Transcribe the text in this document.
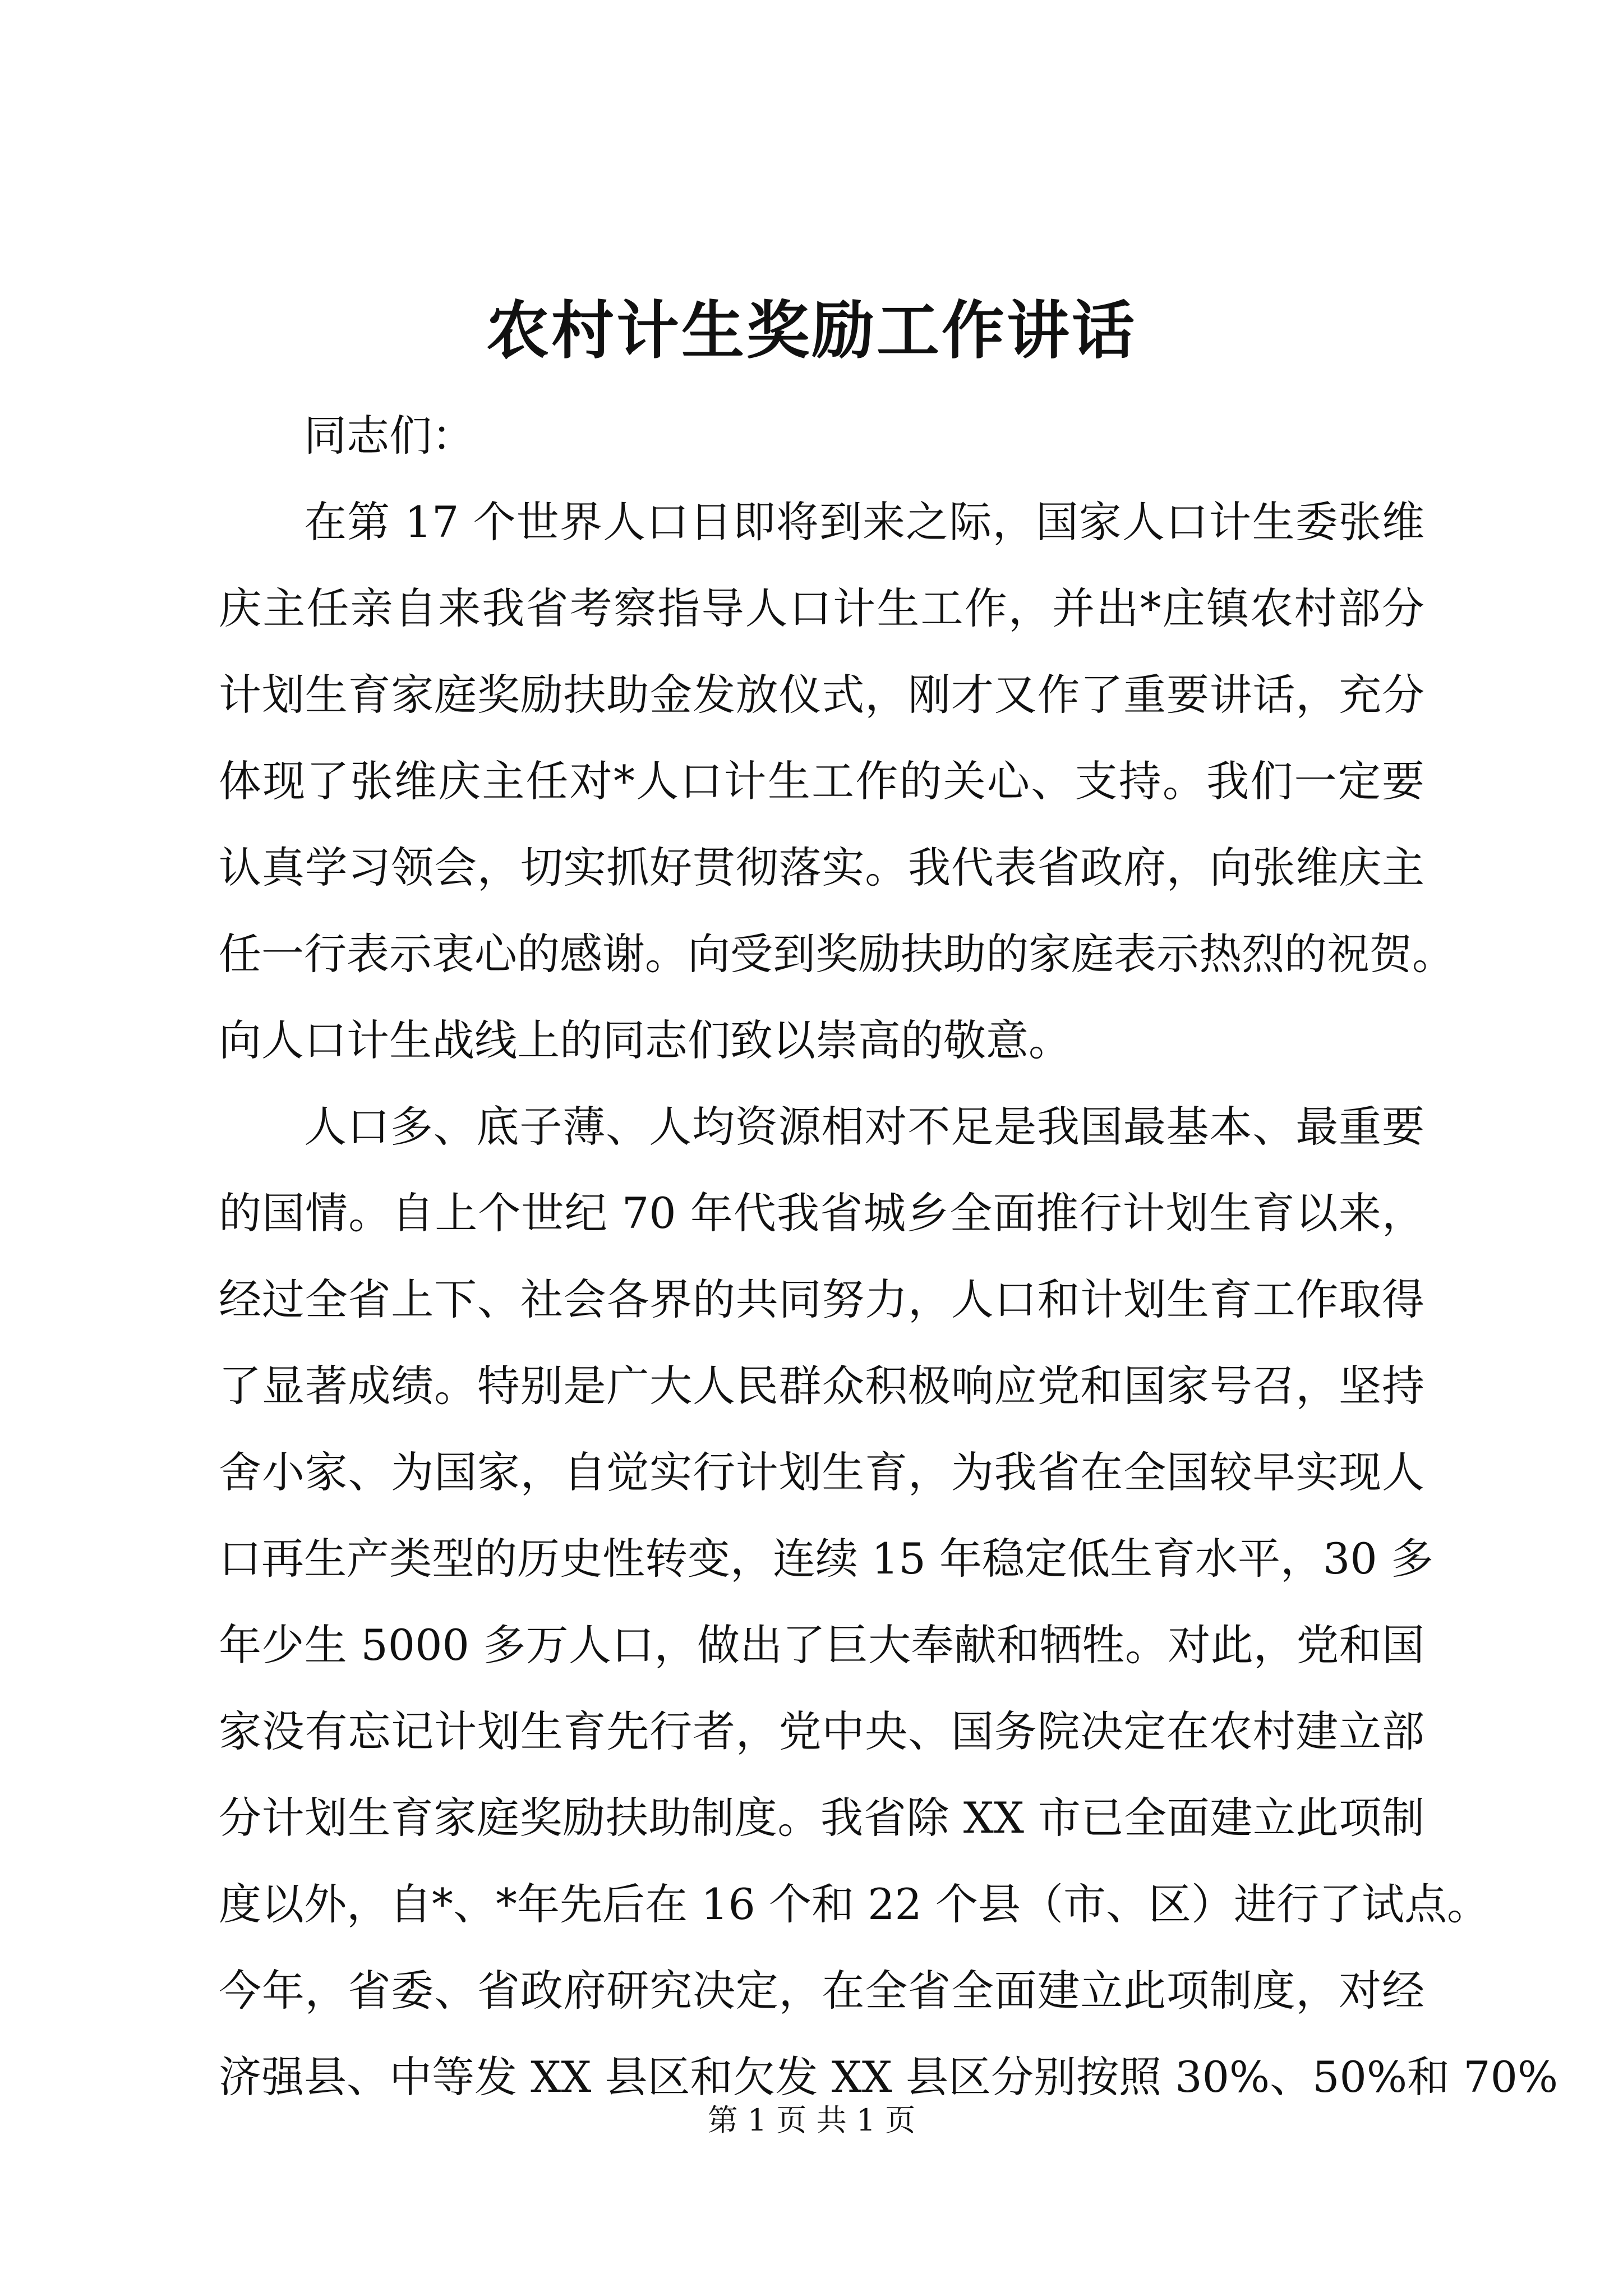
农村计生奖励工作讲话
同志们：
在第 17 个世界人口日即将到来之际，国家人口计生委张维
庆主任亲自来我省考察指导人口计生工作，并出*庄镇农村部分
计划生育家庭奖励扶助金发放仪式，刚才又作了重要讲话，充分
体现了张维庆主任对*人口计生工作的关心、支持。我们一定要
认真学习领会，切实抓好贯彻落实。我代表省政府，向张维庆主
任一行表示衷心的感谢。向受到奖励扶助的家庭表示热烈的祝贺。
向人口计生战线上的同志们致以崇高的敬意。
人口多、底子薄、人均资源相对不足是我国最基本、最重要
的国情。自上个世纪 70 年代我省城乡全面推行计划生育以来，
经过全省上下、社会各界的共同努力，人口和计划生育工作取得
了显著成绩。特别是广大人民群众积极响应党和国家号召，坚持
舍小家、为国家，自觉实行计划生育，为我省在全国较早实现人
口再生产类型的历史性转变，连续 15 年稳定低生育水平，30 多
年少生 5000 多万人口，做出了巨大奉献和牺牲。对此，党和国
家没有忘记计划生育先行者，党中央、国务院决定在农村建立部
分计划生育家庭奖励扶助制度。我省除 XX 市已全面建立此项制
度以外，自*、*年先后在 16 个和 22 个县（市、区）进行了试点。
今年，省委、省政府研究决定，在全省全面建立此项制度，对经
济强县、中等发 XX 县区和欠发 XX 县区分别按照 30%、50%和 70%
第 1 页 共 1 页
